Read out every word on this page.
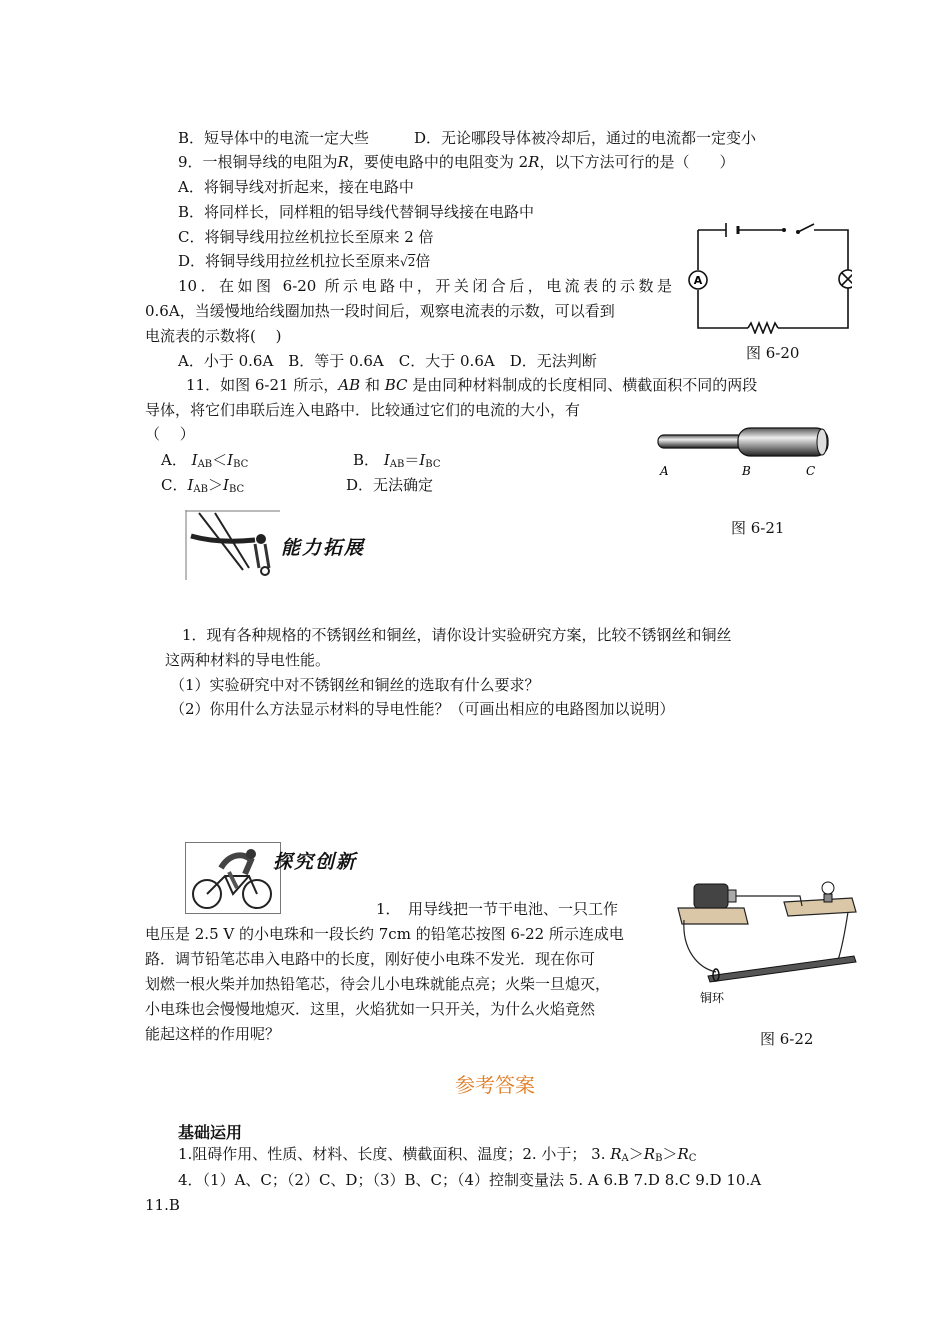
B．短导体中的电流一定大些	D．无论哪段导体被冷却后，通过的电流都一定变小
9．一根铜导线的电阻为R，要使电路中的电阻变为 2R，以下方法可行的是（　　）
A．将铜导线对折起来，接在电路中
B．将同样长，同样粗的铝导线代替铜导线接在电路中
C．将铜导线用拉丝机拉长至原来 2 倍
D．将铜导线用拉丝机拉长至原来√2倍
10．在如图 6-20 所示电路中，开关闭合后，电流表的示数是
0.6A，当缓慢地给线圈加热一段时间后，观察电流表的示数，可以看到
电流表的示数将(　 )
A．小于 0.6A　B．等于 0.6A　C．大于 0.6A　D．无法判断
A
图 6-20
11．如图 6-21 所示，AB 和 BC 是由同种材料制成的长度相同、横截面积不同的两段
导体，将它们串联后连入电路中．比较通过它们的电流的大小，有
（　 ）
A． $I_{AB}<I_{BC}$	B． $I_{AB}=I_{BC}$
C．$I_{AB}>I_{BC}$	D．无法确定
A	B	C
图 6-21
能力拓展
1．现有各种规格的不锈钢丝和铜丝，请你设计实验研究方案，比较不锈钢丝和铜丝
这两种材料的导电性能。
（1）实验研究中对不锈钢丝和铜丝的选取有什么要求？
（2）你用什么方法显示材料的导电性能？（可画出相应的电路图加以说明）
探究创新
1．　用导线把一节干电池、一只工作
电压是 2.5 V 的小电珠和一段长约 7cm 的铅笔芯按图 6-22 所示连成电
路．调节铅笔芯串入电路中的长度，刚好使小电珠不发光．现在你可
划燃一根火柴并加热铅笔芯，待会儿小电珠就能点亮；火柴一旦熄灭，
小电珠也会慢慢地熄灭．这里，火焰犹如一只开关，为什么火焰竟然
能起这样的作用呢？
铜环
图 6-22
参考答案
基础运用
1.阻碍作用、性质、材料、长度、横截面积、温度；2. 小于； 3. $R_A>R_B>R_C$
4．（1）A、C；（2）C、D；（3）B、C；（4）控制变量法 5. A 6.B 7.D 8.C 9.D 10.A
11.B
